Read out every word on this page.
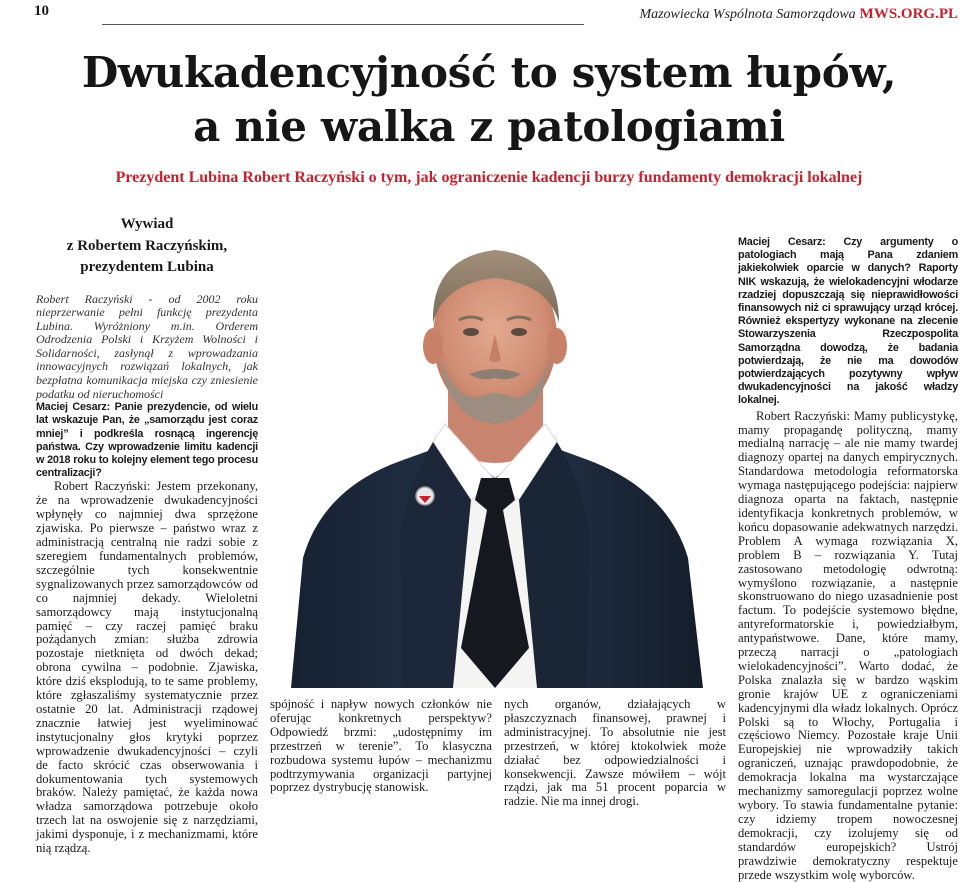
10	Mazowiecka Wspólnota Samorządowa MWS.ORG.PL
Dwukadencyjność to system łupów,
a nie walka z patologiami
Prezydent Lubina Robert Raczyński o tym, jak ograniczenie kadencji burzy fundamenty demokracji lokalnej
Wywiad
z Robertem Raczyńskim,
prezydentem Lubina

Robert Raczyński - od 2002 roku nieprzerwanie pełni funkcję prezydenta Lubina. Wyróżniony m.in. Orderem Odrodzenia Polski i Krzyżem Wolności i Solidarności, zasłynął z wprowadzania innowacyjnych rozwiązań lokalnych, jak bezpłatna komunikacja miejska czy zniesienie podatku od nieruchomości

Maciej Cesarz: Panie prezydencie, od wielu lat wskazuje Pan, że „samorządu jest coraz mniej” i podkreśla rosnącą ingerencję państwa. Czy wprowadzenie limitu kadencji w 2018 roku to kolejny element tego procesu centralizacji?

Robert Raczyński: Jestem przekonany, że na wprowadzenie dwukadencyjności wpłynęły co najmniej dwa sprzężone zjawiska. Po pierwsze – państwo wraz z administracją centralną nie radzi sobie z szeregiem fundamentalnych problemów, szczególnie tych konsekwentnie sygnalizowanych przez samorządowców od co najmniej dekady. Wieloletni samorządowcy mają instytucjonalną pamięć – czy raczej pamięć braku pożądanych zmian: służba zdrowia pozostaje nietknięta od dwóch dekad; obrona cywilna – podobnie. Zjawiska, które dziś eksplodują, to te same problemy, które zgłaszaliśmy systematycznie przez ostatnie 20 lat. Administracji rządowej znacznie łatwiej jest wyeliminować instytucjonalny głos krytyki poprzez wprowadzenie dwukadencyjności – czyli de facto skrócić czas obserwowania i dokumentowania tych systemowych braków. Należy pamiętać, że każda nowa władza samorządowa potrzebuje około trzech lat na oswojenie się z narzędziami, jakimi dysponuje, i z mechanizmami, które nią rządzą.

spójność i napływ nowych członków nie oferując konkretnych perspektyw? Odpowiedź brzmi: „udostępnimy im przestrzeń w terenie”. To klasyczna rozbudowa systemu łupów – mechanizmu podtrzymywania organizacji partyjnej poprzez dystrybucję stanowisk.

nych organów, działających w płaszczyznach finansowej, prawnej i administracyjnej. To absolutnie nie jest przestrzeń, w której ktokolwiek może działać bez odpowiedzialności i konsekwencji. Zawsze mówiłem – wójt rządzi, jak ma 51 procent poparcia w radzie. Nie ma innej drogi.

Maciej Cesarz: Czy argumenty o patologiach mają Pana zdaniem jakiekolwiek oparcie w danych? Raporty NIK wskazują, że wielokadencyjni włodarze rzadziej dopuszczają się nieprawidłowości finansowych niż ci sprawujący urząd krócej. Również ekspertyzy wykonane na zlecenie Stowarzyszenia Rzeczpospolita Samorządna dowodzą, że badania potwierdzają, że nie ma dowodów potwierdzających pozytywny wpływ dwukadencyjności na jakość władzy lokalnej.

Robert Raczyński: Mamy publicystykę, mamy propagandę polityczną, mamy medialną narrację – ale nie mamy twardej diagnozy opartej na danych empirycznych. Standardowa metodologia reformatorska wymaga następującego podejścia: najpierw diagnoza oparta na faktach, następnie identyfikacja konkretnych problemów, w końcu dopasowanie adekwatnych narzędzi. Problem A wymaga rozwiązania X, problem B – rozwiązania Y. Tutaj zastosowano metodologię odwrotną: wymyślono rozwiązanie, a następnie skonstruowano do niego uzasadnienie post factum. To podejście systemowo błędne, antyreformatorskie i, powiedziałbym, antypaństwowe. Dane, które mamy, przeczą narracji o „patologiach wielokadencyjności”. Warto dodać, że Polska znalazła się w bardzo wąskim gronie krajów UE z ograniczeniami kadencyjnymi dla władz lokalnych. Oprócz Polski są to Włochy, Portugalia i częściowo Niemcy. Pozostałe kraje Unii Europejskiej nie wprowadziły takich ograniczeń, uznając prawdopodobnie, że demokracja lokalna ma wystarczające mechanizmy samoregulacji poprzez wolne wybory. To stawia fundamentalne pytanie: czy idziemy tropem nowoczesnej demokracji, czy izolujemy się od standardów europejskich? Ustrój prawdziwie demokratyczny respektuje przede wszystkim wolę wyborców.
